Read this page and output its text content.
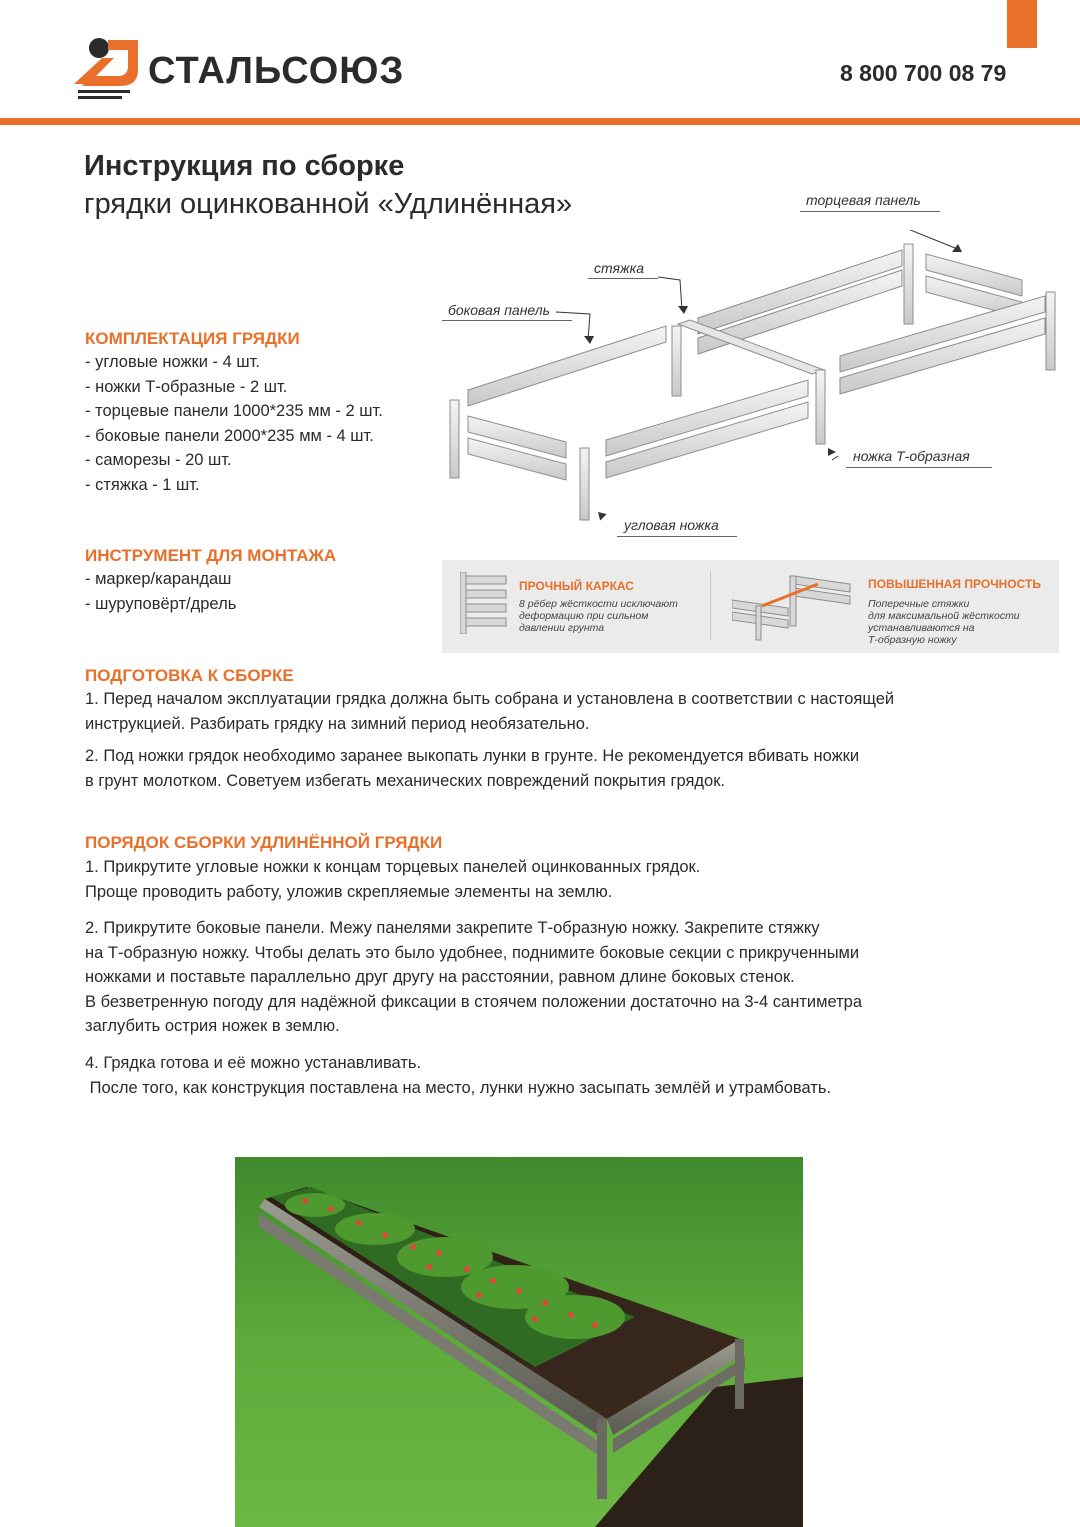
СТАЛЬСОЮЗ	8 800 700 08 79
Инструкция по сборке
грядки оцинкованной «Удлинённая»	торцевая панель
стяжка
боковая панель
ножка Т-образная
угловая ножка
КОМПЛЕКТАЦИЯ ГРЯДКИ
- угловые ножки - 4 шт.
- ножки Т-образные - 2 шт.
- торцевые панели 1000*235 мм - 2 шт.
- боковые панели 2000*235 мм - 4 шт.
- саморезы - 20 шт.
- стяжка - 1 шт.
ИНСТРУМЕНТ ДЛЯ МОНТАЖА
- маркер/карандаш
- шуруповёрт/дрель
ПРОЧНЫЙ КАРКАС
8 рёбер жёсткости исключают
деформацию при сильном
давлении грунта
ПОВЫШЕННАЯ ПРОЧНОСТЬ
Поперечные стяжки
для максимальной жёсткости
устанавливаются на
Т-образную ножку
ПОДГОТОВКА К СБОРКЕ
1. Перед началом эксплуатации грядка должна быть собрана и установлена в соответствии с настоящей
инструкцией. Разбирать грядку на зимний период необязательно.
2. Под ножки грядок необходимо заранее выкопать лунки в грунте. Не рекомендуется вбивать ножки
в грунт молотком. Советуем избегать механических повреждений покрытия грядок.
ПОРЯДОК СБОРКИ УДЛИНЁННОЙ ГРЯДКИ
1. Прикрутите угловые ножки к концам торцевых панелей оцинкованных грядок.
Проще проводить работу, уложив скрепляемые элементы на землю.
2. Прикрутите боковые панели. Межу панелями закрепите Т-образную ножку. Закрепите стяжку
на Т-образную ножку. Чтобы делать это было удобнее, поднимите боковые секции с прикрученными
ножками и поставьте параллельно друг другу на расстоянии, равном длине боковых стенок.
В безветренную погоду для надёжной фиксации в стоячем положении достаточно на 3-4 сантиметра
заглубить острия ножек в землю.
4. Грядка готова и её можно устанавливать.
После того, как конструкция поставлена на место, лунки нужно засыпать землёй и утрамбовать.
